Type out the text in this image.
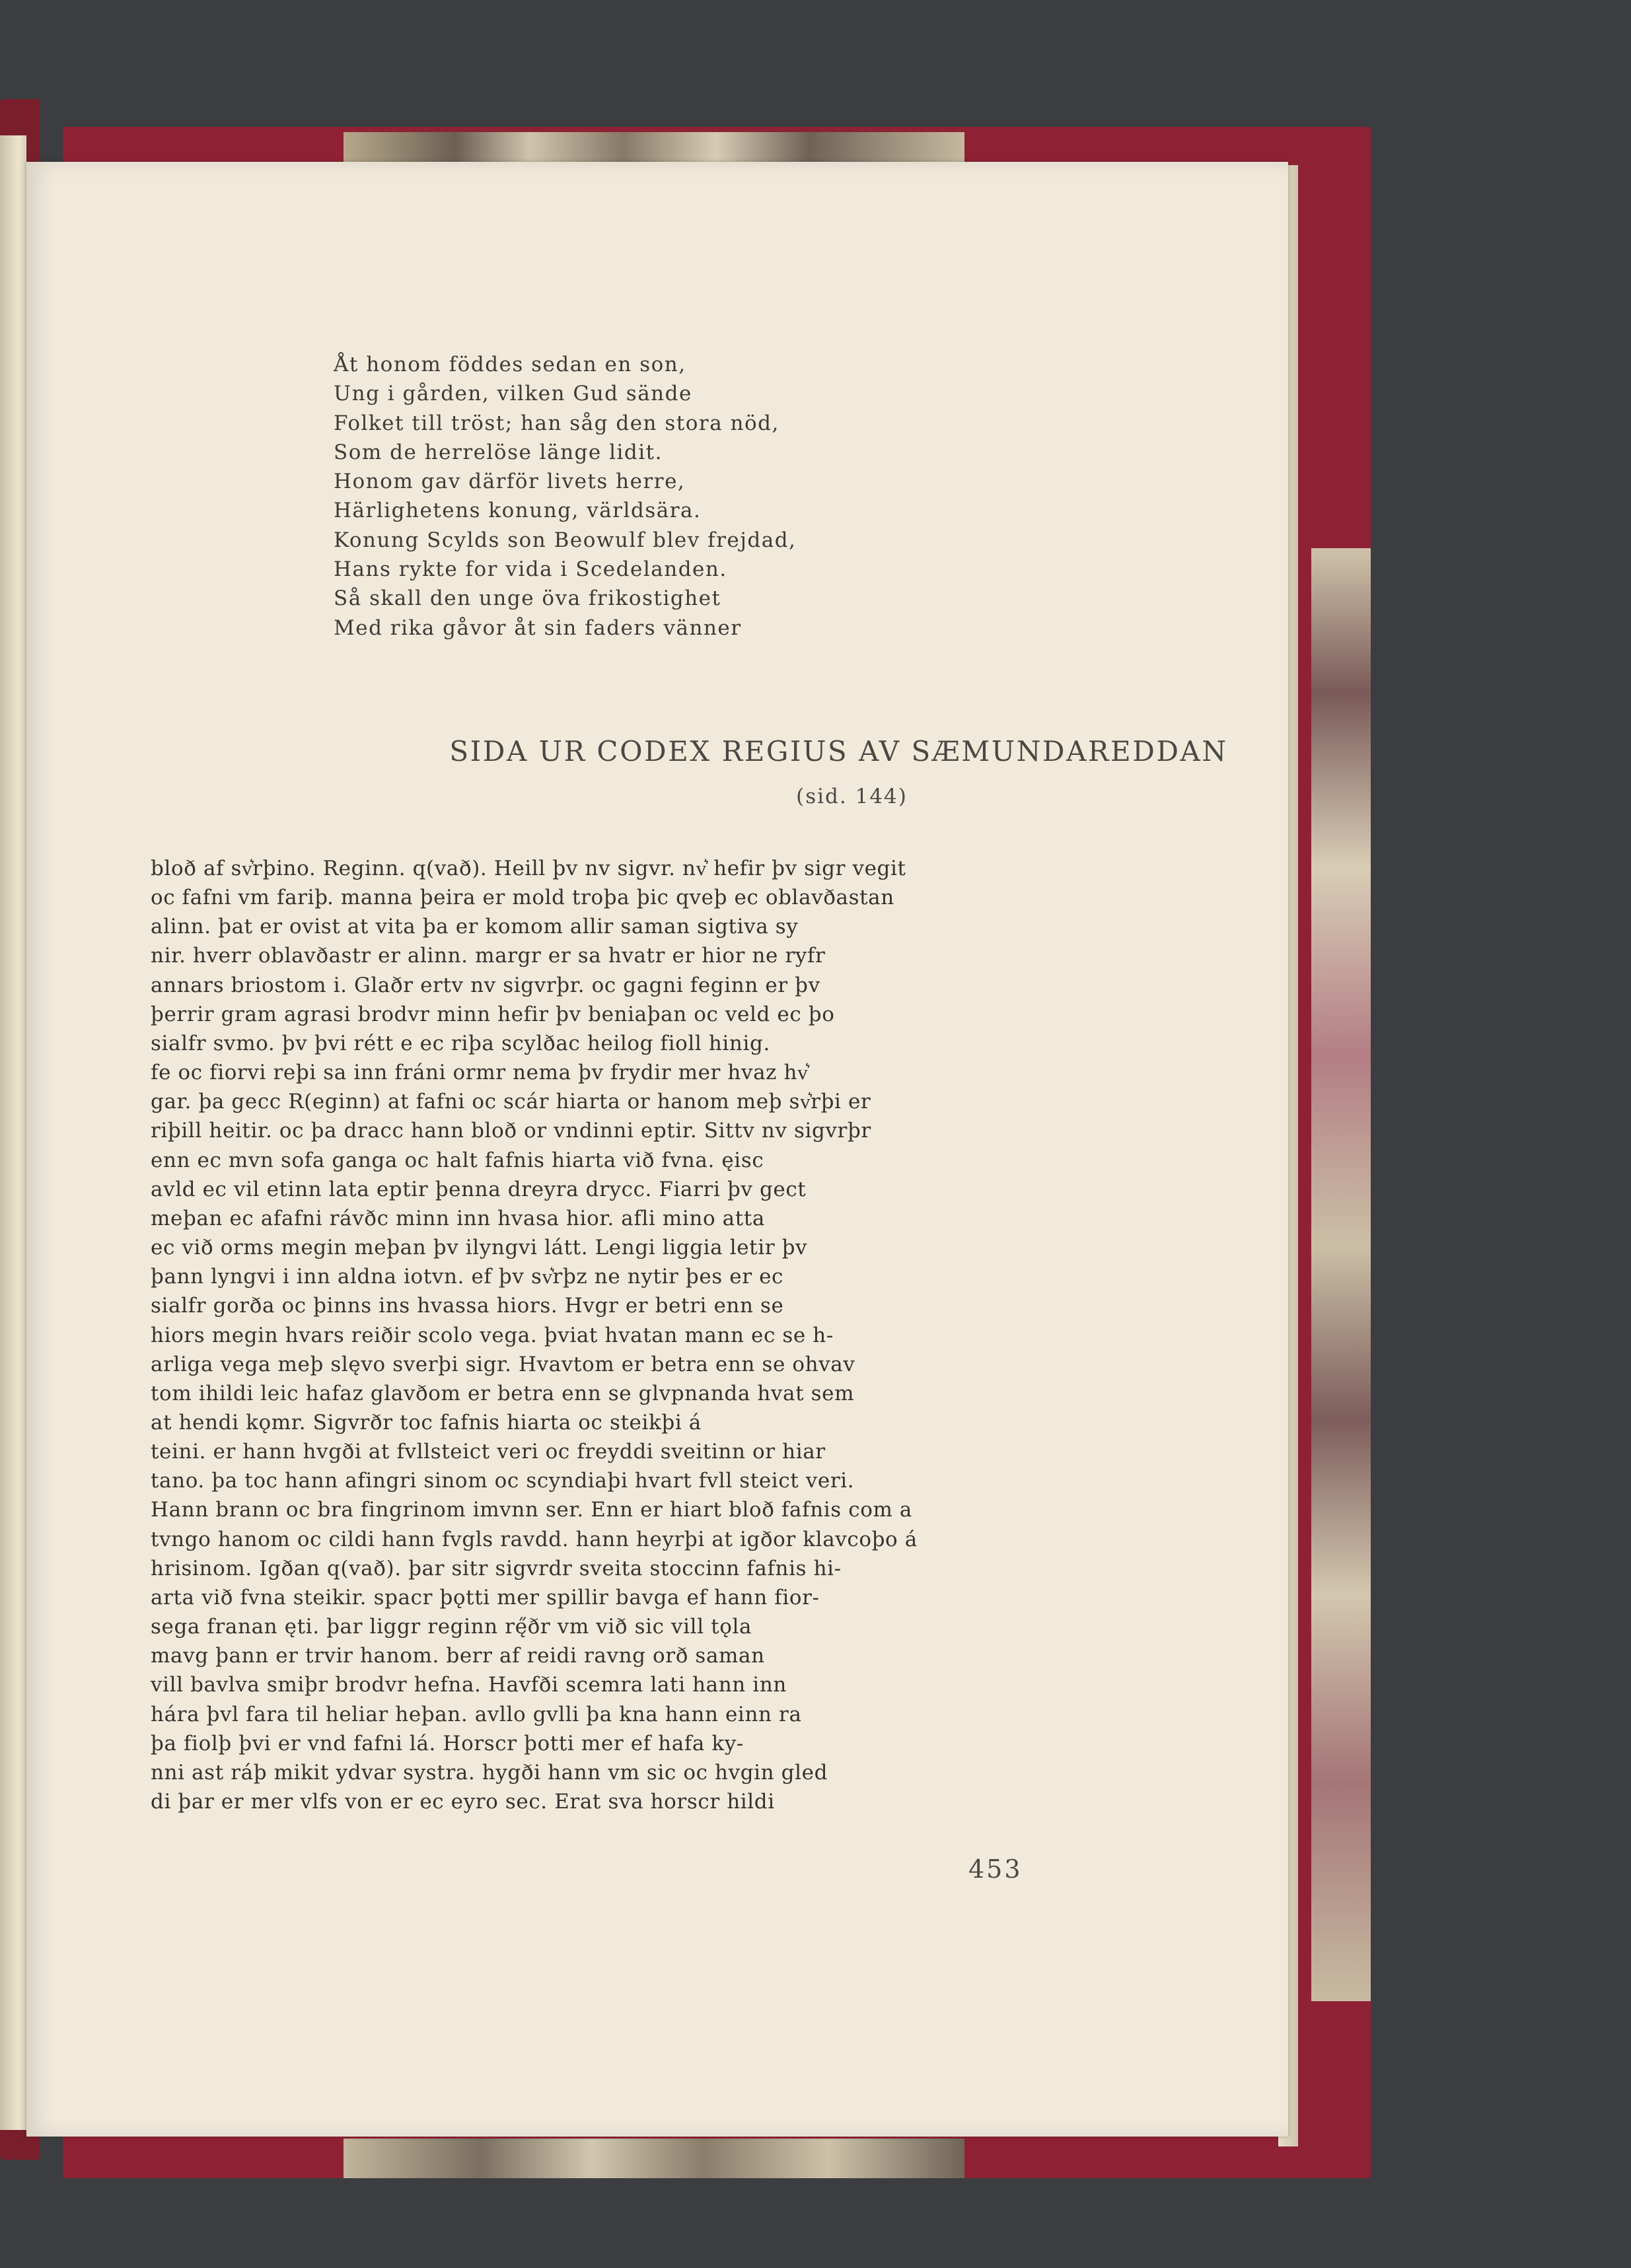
Åt honom föddes sedan en son,
Ung i gården, vilken Gud sände
Folket till tröst; han såg den stora nöd,
Som de herrelöse länge lidit.
Honom gav därför livets herre,
Härlighetens konung, världsära.
Konung Scylds son Beowulf blev frejdad,
Hans rykte for vida i Scedelanden.
Så skall den unge öva frikostighet
Med rika gåvor åt sin faders vänner
SIDA UR CODEX REGIUS AV SÆMUNDAREDDAN
(sid. 144)
bloð af sv͛rþino. Reginn. q(vað). Heill þv nv sigvr. nv͛ hefir þv sigr vegit
oc fafni vm fariþ. manna þeira er mold troþa þic qveþ ec oblavðastan
alinn. þat er ovist at vita þa er komom allir saman sigtiva sy
nir. hverr oblavðastr er alinn. margr er sa hvatr er hior ne ryfr
annars briostom i. Glaðr ertv nv sigvrþr. oc gagni feginn er þv
þerrir gram agrasi brodvr minn hefir þv beniaþan oc veld ec þo
sialfr svmo. þv þvi rétt e ec riþa scylðac heilog fioll hinig.
fe oc fiorvi reþi sa inn fráni ormr nema þv frydir mer hvaz hv͛
gar. þa gecc R(eginn) at fafni oc scár hiarta or hanom meþ sv͛rþi er
riþill heitir. oc þa dracc hann bloð or vndinni eptir. Sittv nv sigvrþr
enn ec mvn sofa ganga oc halt fafnis hiarta við fvna. ęisc
avld ec vil etinn lata eptir þenna dreyra drycc. Fiarri þv gect
meþan ec afafni rávðc minn inn hvasa hior. afli mino atta
ec við orms megin meþan þv ilyngvi látt. Lengi liggia letir þv
þann lyngvi i inn aldna iotvn. ef þv sv͛rþz ne nytir þes er ec
sialfr gorða oc þinns ins hvassa hiors. Hvgr er betri enn se
hiors megin hvars reiðir scolo vega. þviat hvatan mann ec se h-
arliga vega meþ slęvo sverþi sigr. Hvavtom er betra enn se ohvav
tom ihildi leic hafaz glavðom er betra enn se glvpnanda hvat sem
at hendi kǫmr. Sigvrðr toc fafnis hiarta oc steikþi á
teini. er hann hvgði at fvllsteict veri oc freyddi sveitinn or hiar
tano. þa toc hann afingri sinom oc scyndiaþi hvart fvll steict veri.
Hann brann oc bra fingrinom imvnn ser. Enn er hiart bloð fafnis com a
tvngo hanom oc cildi hann fvgls ravdd. hann heyrþi at igðor klavcoþo á
hrisinom. Igðan q(vað). þar sitr sigvrdr sveita stoccinn fafnis hi-
arta við fvna steikir. spacr þǫtti mer spillir bavga ef hann fior-
sega franan ęti. þar liggr reginn rę̋ðr vm við sic vill tǫla
mavg þann er trvir hanom. berr af reidi ravng orð saman
vill bavlva smiþr brodvr hefna. Havfði scemra lati hann inn
hára þvl fara til heliar heþan. avllo gvlli þa kna hann einn ra
þa fiolþ þvi er vnd fafni lá. Horscr þotti mer ef hafa ky-
nni ast ráþ mikit ydvar systra. hygði hann vm sic oc hvgin gled
di þar er mer vlfs von er ec eyro sec. Erat sva horscr hildi
453
